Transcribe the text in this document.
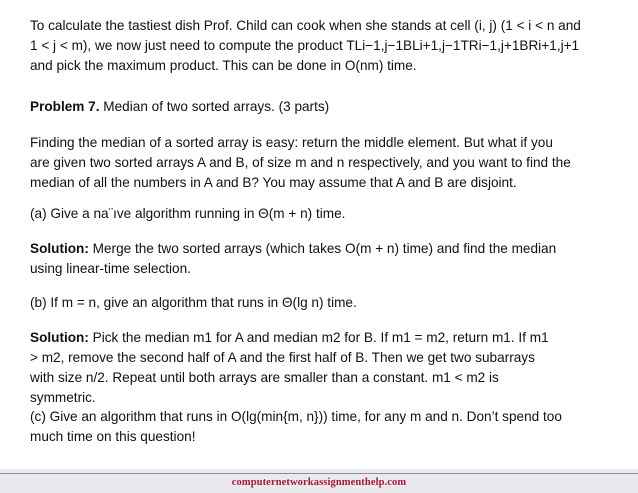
To calculate the tastiest dish Prof. Child can cook when she stands at cell (i, j) (1 < i < n and
1 < j < m), we now just need to compute the product TLi−1,j−1BLi+1,j−1TRi−1,j+1BRi+1,j+1
and pick the maximum product. This can be done in O(nm) time.
Problem 7. Median of two sorted arrays. (3 parts)
Finding the median of a sorted array is easy: return the middle element. But what if you
are given two sorted arrays A and B, of size m and n respectively, and you want to find the
median of all the numbers in A and B? You may assume that A and B are disjoint.
(a) Give a na¨ıve algorithm running in Θ(m + n) time.
Solution: Merge the two sorted arrays (which takes O(m + n) time) and find the median
using linear-time selection.
(b) If m = n, give an algorithm that runs in Θ(lg n) time.
Solution: Pick the median m1 for A and median m2 for B. If m1 = m2, return m1. If m1
> m2, remove the second half of A and the first half of B. Then we get two subarrays
with size n/2. Repeat until both arrays are smaller than a constant. m1 < m2 is
symmetric.
(c) Give an algorithm that runs in O(lg(min{m, n})) time, for any m and n. Don’t spend too
much time on this question!
computernetworkassignmenthelp.com
